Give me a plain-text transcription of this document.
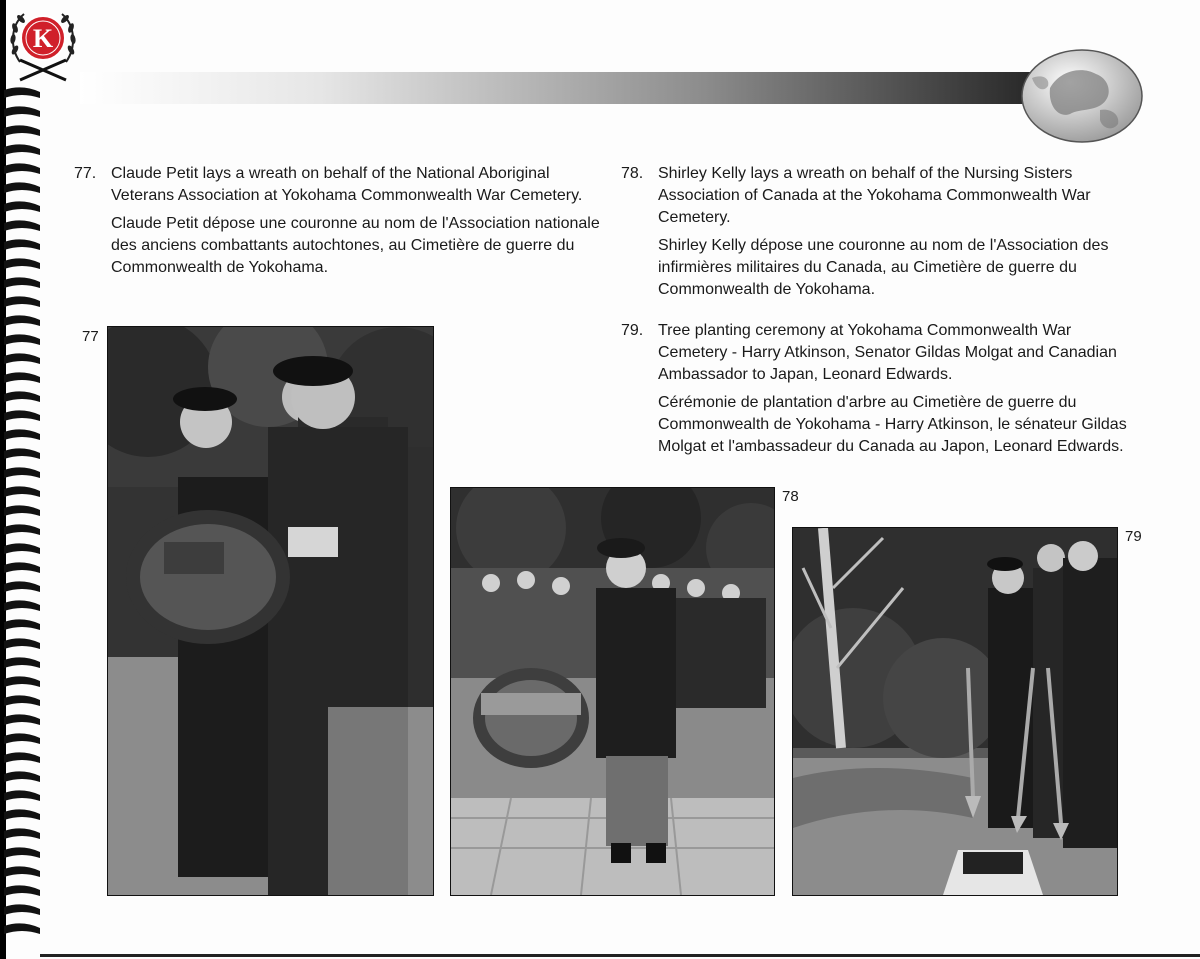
K
77. Claude Petit lays a wreath on behalf of the National Aboriginal Veterans Association at Yokohama Commonwealth War Cemetery.

Claude Petit dépose une couronne au nom de l'Association nationale des anciens combattants autochtones, au Cimetière de guerre du Commonwealth de Yokohama.

78. Shirley Kelly lays a wreath on behalf of the Nursing Sisters Association of Canada at the Yokohama Commonwealth War Cemetery.

Shirley Kelly dépose une couronne au nom de l'Association des infirmières militaires du Canada, au Cimetière de guerre du Commonwealth de Yokohama.

79. Tree planting ceremony at Yokohama Commonwealth War Cemetery - Harry Atkinson, Senator Gildas Molgat and Canadian Ambassador to Japan, Leonard Edwards.

Cérémonie de plantation d'arbre au Cimetière de guerre du Commonwealth de Yokohama - Harry Atkinson, le sénateur Gildas Molgat et l'ambassadeur du Canada au Japon, Leonard Edwards.

77
78
79
